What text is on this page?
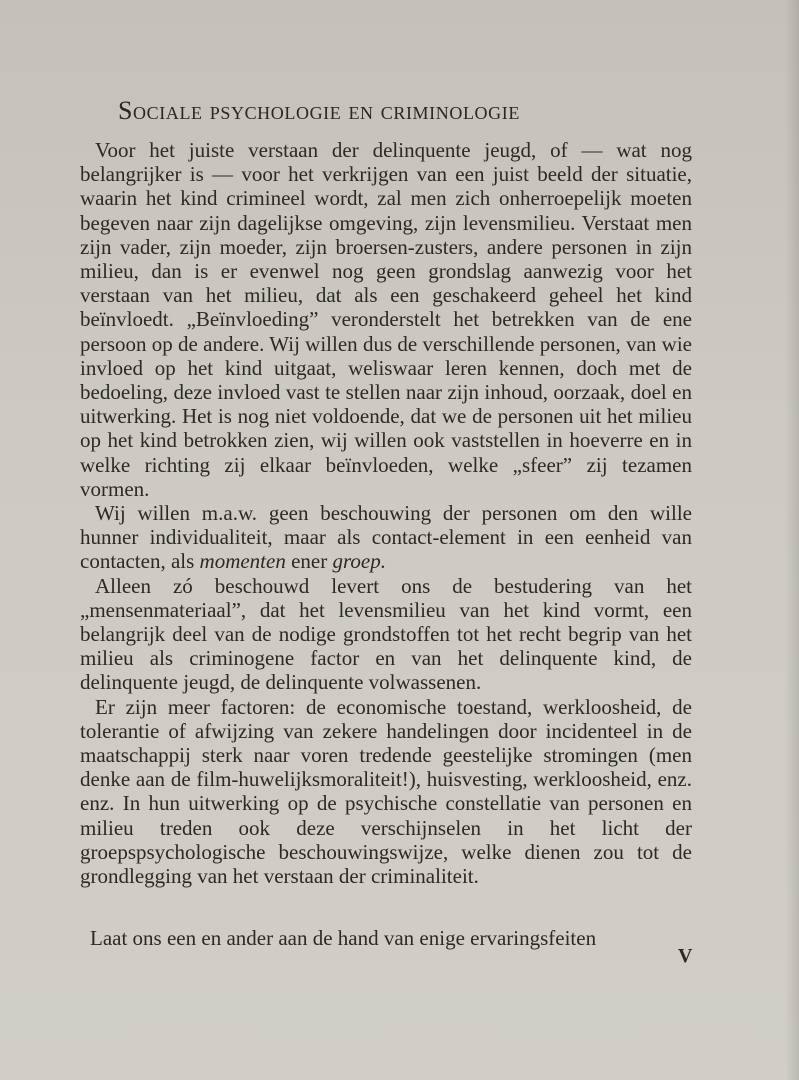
Sociale psychologie en criminologie

Voor het juiste verstaan der delinquente jeugd, of — wat nog belangrijker is — voor het verkrijgen van een juist beeld der situatie, waarin het kind crimineel wordt, zal men zich onherroepelijk moeten begeven naar zijn dagelijkse omgeving, zijn levensmilieu. Verstaat men zijn vader, zijn moeder, zijn broersen-zusters, andere personen in zijn milieu, dan is er evenwel nog geen grondslag aanwezig voor het verstaan van het milieu, dat als een geschakeerd geheel het kind beïnvloedt. „Beïnvloeding” veronderstelt het betrekken van de ene persoon op de andere. Wij willen dus de verschillende personen, van wie invloed op het kind uitgaat, weliswaar leren kennen, doch met de bedoeling, deze invloed vast te stellen naar zijn inhoud, oorzaak, doel en uitwerking. Het is nog niet voldoende, dat we de personen uit het milieu op het kind betrokken zien, wij willen ook vaststellen in hoeverre en in welke richting zij elkaar beïnvloeden, welke „sfeer” zij tezamen vormen.

Wij willen m.a.w. geen beschouwing der personen om den wille hunner individualiteit, maar als contact-element in een eenheid van contacten, als momenten ener groep.

Alleen zó beschouwd levert ons de bestudering van het „mensenmateriaal”, dat het levensmilieu van het kind vormt, een belangrijk deel van de nodige grondstoffen tot het recht begrip van het milieu als criminogene factor en van het delinquente kind, de delinquente jeugd, de delinquente volwassenen.

Er zijn meer factoren: de economische toestand, werkloosheid, de tolerantie of afwijzing van zekere handelingen door incidenteel in de maatschappij sterk naar voren tredende geestelijke stromingen (men denke aan de film-huwelijksmoraliteit!), huisvesting, werkloosheid, enz. enz. In hun uitwerking op de psychische constellatie van personen en milieu treden ook deze verschijnselen in het licht der groepspsychologische beschouwingswijze, welke dienen zou tot de grondlegging van het verstaan der criminaliteit.

Laat ons een en ander aan de hand van enige ervaringsfeiten
V
